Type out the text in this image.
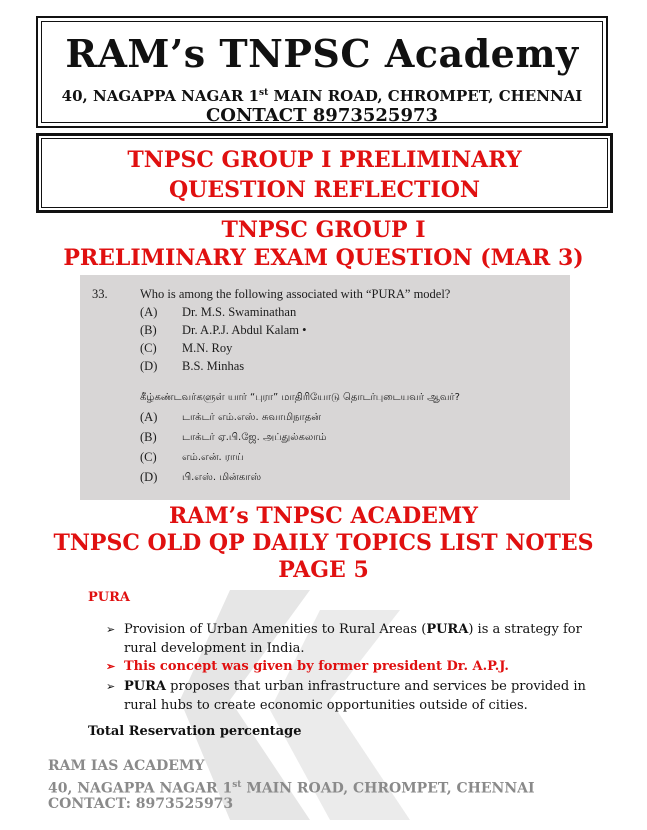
RAM’s TNPSC Academy
40, NAGAPPA NAGAR 1st MAIN ROAD, CHROMPET, CHENNAI
CONTACT 8973525973
TNPSC GROUP I PRELIMINARY
QUESTION REFLECTION
TNPSC GROUP I
PRELIMINARY EXAM QUESTION (MAR 3)
33.	Who is among the following associated with “PURA” model?
(A) Dr. M.S. Swaminathan
(B) Dr. A.P.J. Abdul Kalam •
(C) M.N. Roy
(D) B.S. Minhas
கீழ்கண்டவர்களுள் யார் “புரா” மாதிரியோடு தொடர்புடையவர் ஆவர்?
(A) டாக்டர் எம்.எஸ். சுவாமிநாதன்
(B)	டாக்டர் ஏ.பி.ஜே. அப்துல்கலாம்
(C)	எம்.என். ராய்
(D) பி.எஸ். மின்காஸ்
RAM’s TNPSC ACADEMY
TNPSC OLD QP DAILY TOPICS LIST NOTES
PAGE 5
PURA
➢ Provision of Urban Amenities to Rural Areas (PURA) is a strategy for rural development in India.
➢ This concept was given by former president Dr. A.P.J.
➢ PURA proposes that urban infrastructure and services be provided in rural hubs to create economic opportunities outside of cities.
Total Reservation percentage
RAM IAS ACADEMY
40, NAGAPPA NAGAR 1st MAIN ROAD, CHROMPET, CHENNAI
CONTACT: 8973525973
